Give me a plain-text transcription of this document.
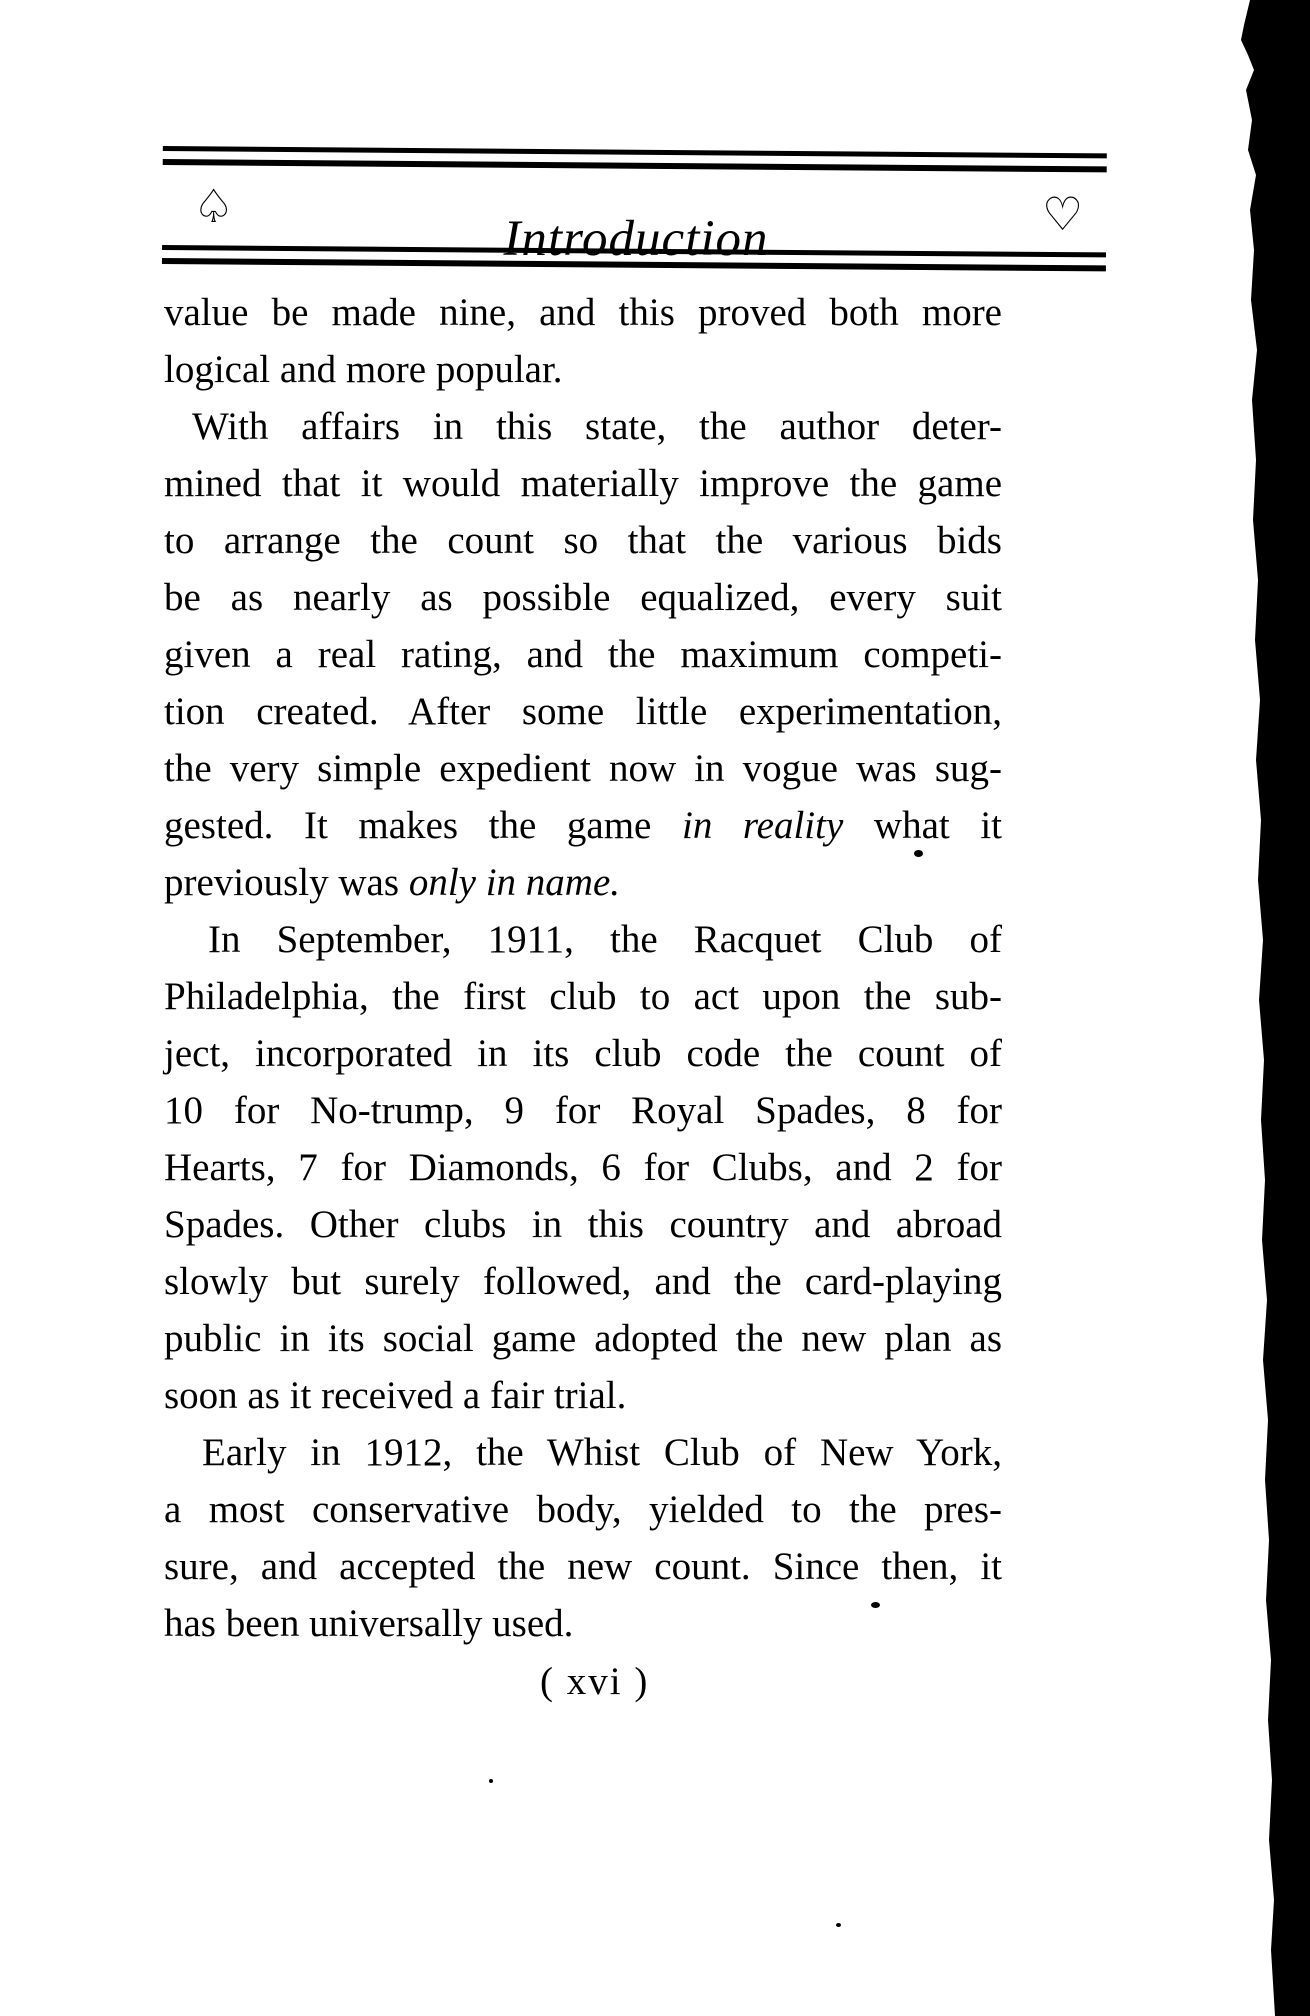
♤
Introduction	♡
value be made nine, and this proved both more
logical and more popular.
With affairs in this state, the author deter-
mined that it would materially improve the game
to arrange the count so that the various bids
be as nearly as possible equalized, every suit
given a real rating, and the maximum competi-
tion created. After some little experimentation,
the very simple expedient now in vogue was sug-
gested. It makes the game in reality what it
previously was only in name.
In September, 1911, the Racquet Club of
Philadelphia, the first club to act upon the sub-
ject, incorporated in its club code the count of
10 for No-trump, 9 for Royal Spades, 8 for
Hearts, 7 for Diamonds, 6 for Clubs, and 2 for
Spades. Other clubs in this country and abroad
slowly but surely followed, and the card-playing
public in its social game adopted the new plan as
soon as it received a fair trial.
Early in 1912, the Whist Club of New York,
a most conservative body, yielded to the pres-
sure, and accepted the new count. Since then, it
has been universally used.
( xvi )
